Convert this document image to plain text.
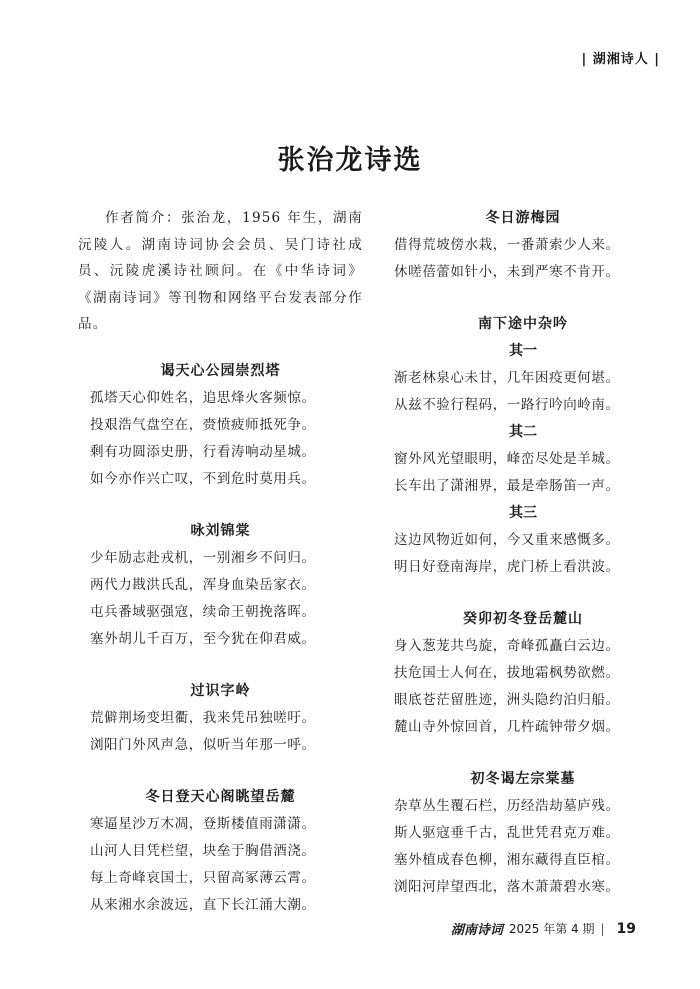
| 湖湘诗人 |
张治龙诗选

作者简介：张治龙，1956 年生，湖南沅陵人。湖南诗词协会会员、吴门诗社成员、沅陵虎溪诗社顾问。在《中华诗词》《湖南诗词》等刊物和网络平台发表部分作品。

谒天心公园崇烈塔
孤塔天心仰姓名，追思烽火客频惊。
投艰浩气盘空在，赍愤疲师抵死争。
剩有功圆添史册，行看涛响动星城。
如今亦作兴亡叹，不到危时莫用兵。
咏刘锦棠
少年励志赴戎机，一别湘乡不问归。
两代力戡洪氏乱，浑身血染岳家衣。
屯兵番域驱强寇，续命王朝挽落晖。
塞外胡儿千百万，至今犹在仰君威。
过识字岭
荒僻荆场变坦衢，我来凭吊独嗟吁。
浏阳门外风声急，似听当年那一呼。
冬日登天心阁眺望岳麓
寒逼星沙万木凋，登斯楼值雨潇潇。
山河人目凭栏望，块垒于胸借酒浇。
每上奇峰哀国士，只留高冢薄云霄。
从来湘水余波远，直下长江涌大潮。
冬日游梅园
借得荒坡傍水栽，一番萧索少人来。
休嗟蓓蕾如针小，未到严寒不肯开。
南下途中杂吟
其一
渐老林泉心未甘，几年困疫更何堪。
从兹不验行程码，一路行吟向岭南。
其二
窗外风光望眼明，峰峦尽处是羊城。
长车出了潇湘界，最是牵肠笛一声。
其三
这边风物近如何，今又重来感慨多。
明日好登南海岸，虎门桥上看洪波。
癸卯初冬登岳麓山
身入葱茏共鸟旋，奇峰孤矗白云边。
扶危国士人何在，拔地霜枫势欲燃。
眼底苍茫留胜迹，洲头隐约泊归船。
麓山寺外惊回首，几杵疏钟带夕烟。
初冬谒左宗棠墓
杂草丛生覆石栏，历经浩劫墓庐残。
斯人驱寇垂千古，乱世凭君克万难。
塞外植成春色柳，湘东藏得直臣棺。
浏阳河岸望西北，落木萧萧碧水寒。
湖南诗词 2025 年第 4 期 | 19
